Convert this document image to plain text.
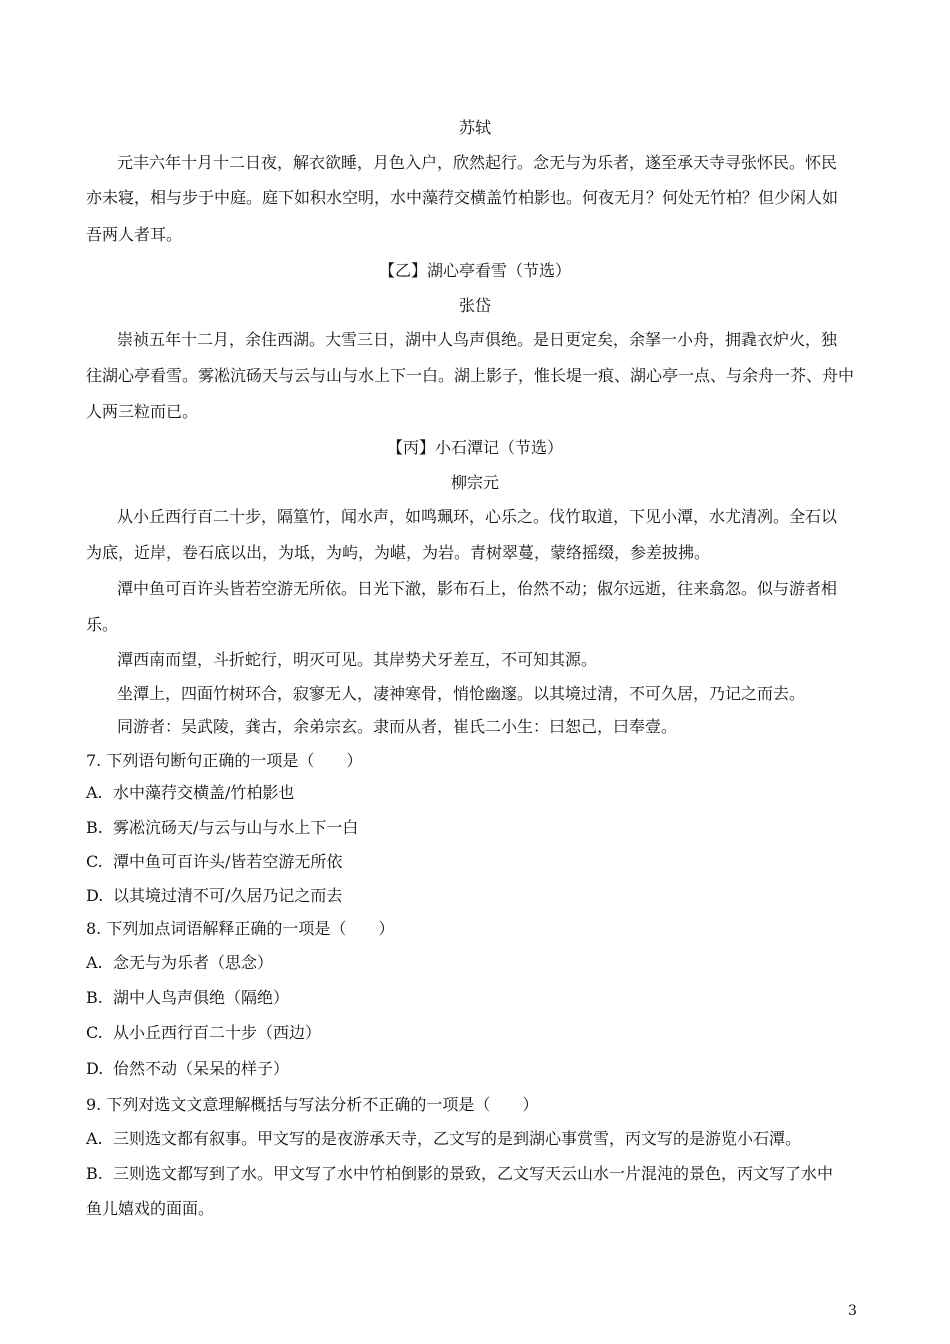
苏轼
元丰六年十月十二日夜，解衣欲睡，月色入户，欣然起行。念无与为乐者，遂至承天寺寻张怀民。怀民
亦未寝，相与步于中庭。庭下如积水空明，水中藻荇交横盖竹柏影也。何夜无月？何处无竹柏？但少闲人如
吾两人者耳。
【乙】湖心亭看雪（节选）
张岱
崇祯五年十二月，余住西湖。大雪三日，湖中人鸟声俱绝。是日更定矣，余拏一小舟，拥毳衣炉火，独
往湖心亭看雪。雾凇沆砀天与云与山与水上下一白。湖上影子，惟长堤一痕、湖心亭一点、与余舟一芥、舟中
人两三粒而已。
【丙】小石潭记（节选）
柳宗元
从小丘西行百二十步，隔篁竹，闻水声，如鸣珮环，心乐之。伐竹取道，下见小潭，水尤清冽。全石以
为底，近岸，卷石底以出，为坻，为屿，为嵁，为岩。青树翠蔓，蒙络摇缀，参差披拂。
潭中鱼可百许头皆若空游无所依。日光下澈，影布石上，佁然不动；俶尔远逝，往来翕忽。似与游者相
乐。
潭西南而望，斗折蛇行，明灭可见。其岸势犬牙差互，不可知其源。
坐潭上，四面竹树环合，寂寥无人，凄神寒骨，悄怆幽邃。以其境过清，不可久居，乃记之而去。
同游者：吴武陵，龚古，余弟宗玄。隶而从者，崔氏二小生：曰恕己，曰奉壹。
7. 下列语句断句正确的一项是（　　）
A. 水中藻荇交横盖/竹柏影也
B. 雾凇沆砀天/与云与山与水上下一白
C. 潭中鱼可百许头/皆若空游无所依
D. 以其境过清不可/久居乃记之而去
8. 下列加点词语解释正确的一项是（　　）
A. 念无与为乐者（思念）
B. 湖中人鸟声俱绝（隔绝）
C. 从小丘西行百二十步（西边）
D. 佁然不动（呆呆的样子）
9. 下列对选文文意理解概括与写法分析不正确的一项是（　　）
A. 三则选文都有叙事。甲文写的是夜游承天寺，乙文写的是到湖心事赏雪，丙文写的是游览小石潭。
B. 三则选文都写到了水。甲文写了水中竹柏倒影的景致，乙文写天云山水一片混沌的景色，丙文写了水中
鱼儿嬉戏的面面。
3
